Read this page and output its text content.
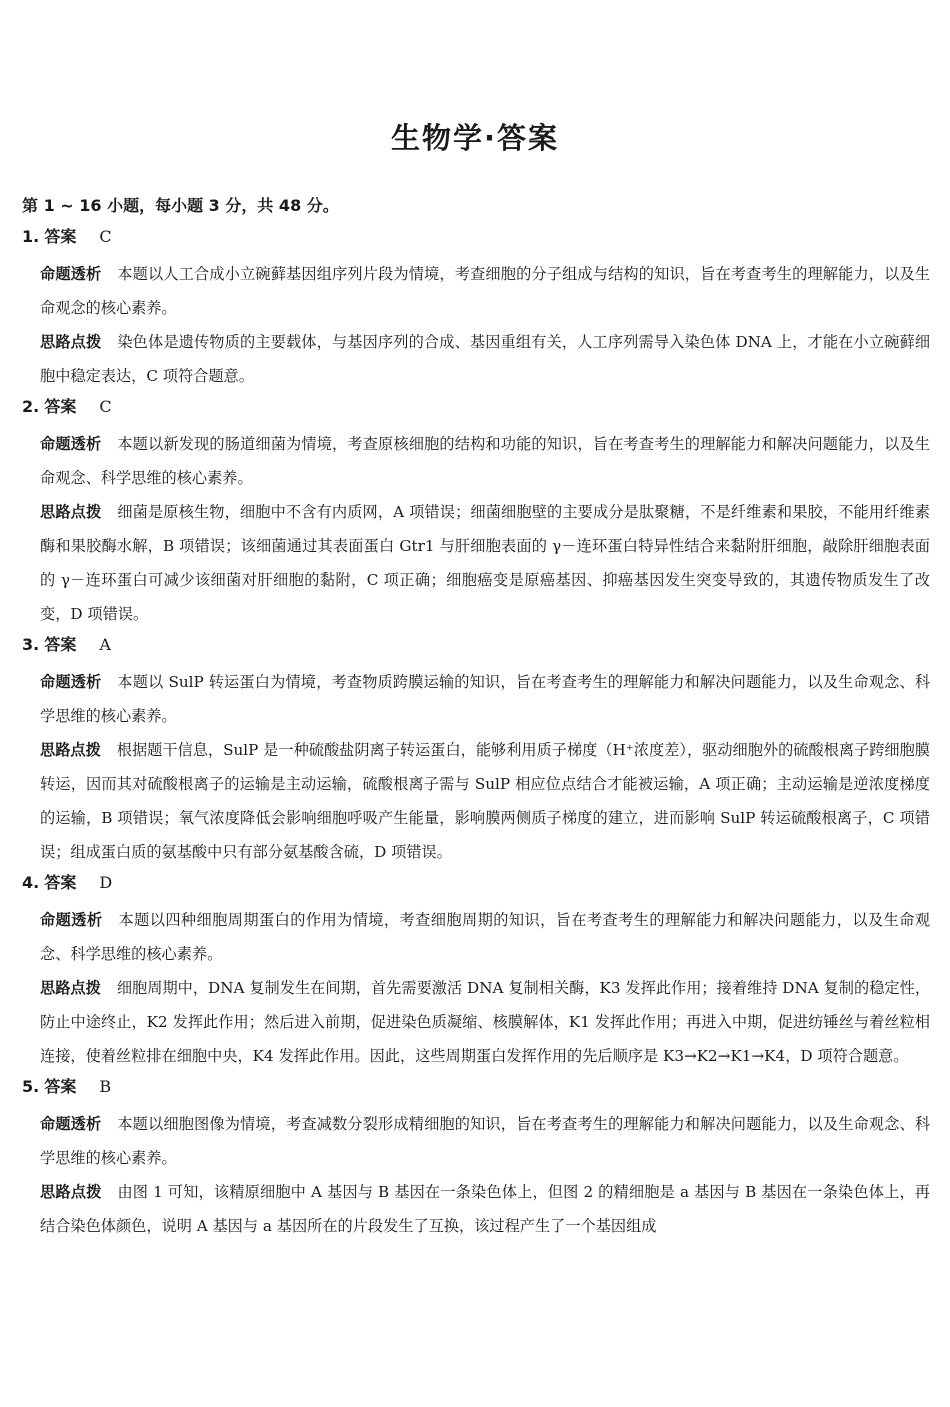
生物学·答案
第 1 ~ 16 小题，每小题 3 分，共 48 分。
1. 答案 C
命题透析 本题以人工合成小立碗藓基因组序列片段为情境，考查细胞的分子组成与结构的知识，旨在考查考生的理解能力，以及生命观念的核心素养。
思路点拨 染色体是遗传物质的主要载体，与基因序列的合成、基因重组有关，人工序列需导入染色体 DNA 上，才能在小立碗藓细胞中稳定表达，C 项符合题意。
2. 答案 C
命题透析 本题以新发现的肠道细菌为情境，考查原核细胞的结构和功能的知识，旨在考查考生的理解能力和解决问题能力，以及生命观念、科学思维的核心素养。
思路点拨 细菌是原核生物，细胞中不含有内质网，A 项错误；细菌细胞壁的主要成分是肽聚糖，不是纤维素和果胶，不能用纤维素酶和果胶酶水解，B 项错误；该细菌通过其表面蛋白 Gtr1 与肝细胞表面的 γ－连环蛋白特异性结合来黏附肝细胞，敲除肝细胞表面的 γ－连环蛋白可减少该细菌对肝细胞的黏附，C 项正确；细胞癌变是原癌基因、抑癌基因发生突变导致的，其遗传物质发生了改变，D 项错误。
3. 答案 A
命题透析 本题以 SulP 转运蛋白为情境，考查物质跨膜运输的知识，旨在考查考生的理解能力和解决问题能力，以及生命观念、科学思维的核心素养。
思路点拨 根据题干信息，SulP 是一种硫酸盐阴离子转运蛋白，能够利用质子梯度（H⁺浓度差），驱动细胞外的硫酸根离子跨细胞膜转运，因而其对硫酸根离子的运输是主动运输，硫酸根离子需与 SulP 相应位点结合才能被运输，A 项正确；主动运输是逆浓度梯度的运输，B 项错误；氧气浓度降低会影响细胞呼吸产生能量，影响膜两侧质子梯度的建立，进而影响 SulP 转运硫酸根离子，C 项错误；组成蛋白质的氨基酸中只有部分氨基酸含硫，D 项错误。
4. 答案 D
命题透析 本题以四种细胞周期蛋白的作用为情境，考查细胞周期的知识，旨在考查考生的理解能力和解决问题能力，以及生命观念、科学思维的核心素养。
思路点拨 细胞周期中，DNA 复制发生在间期，首先需要激活 DNA 复制相关酶，K3 发挥此作用；接着维持 DNA 复制的稳定性，防止中途终止，K2 发挥此作用；然后进入前期，促进染色质凝缩、核膜解体，K1 发挥此作用；再进入中期，促进纺锤丝与着丝粒相连接，使着丝粒排在细胞中央，K4 发挥此作用。因此，这些周期蛋白发挥作用的先后顺序是 K3→K2→K1→K4，D 项符合题意。
5. 答案 B
命题透析 本题以细胞图像为情境，考查减数分裂形成精细胞的知识，旨在考查考生的理解能力和解决问题能力，以及生命观念、科学思维的核心素养。
思路点拨 由图 1 可知，该精原细胞中 A 基因与 B 基因在一条染色体上，但图 2 的精细胞是 a 基因与 B 基因在一条染色体上，再结合染色体颜色，说明 A 基因与 a 基因所在的片段发生了互换，该过程产生了一个基因组成
